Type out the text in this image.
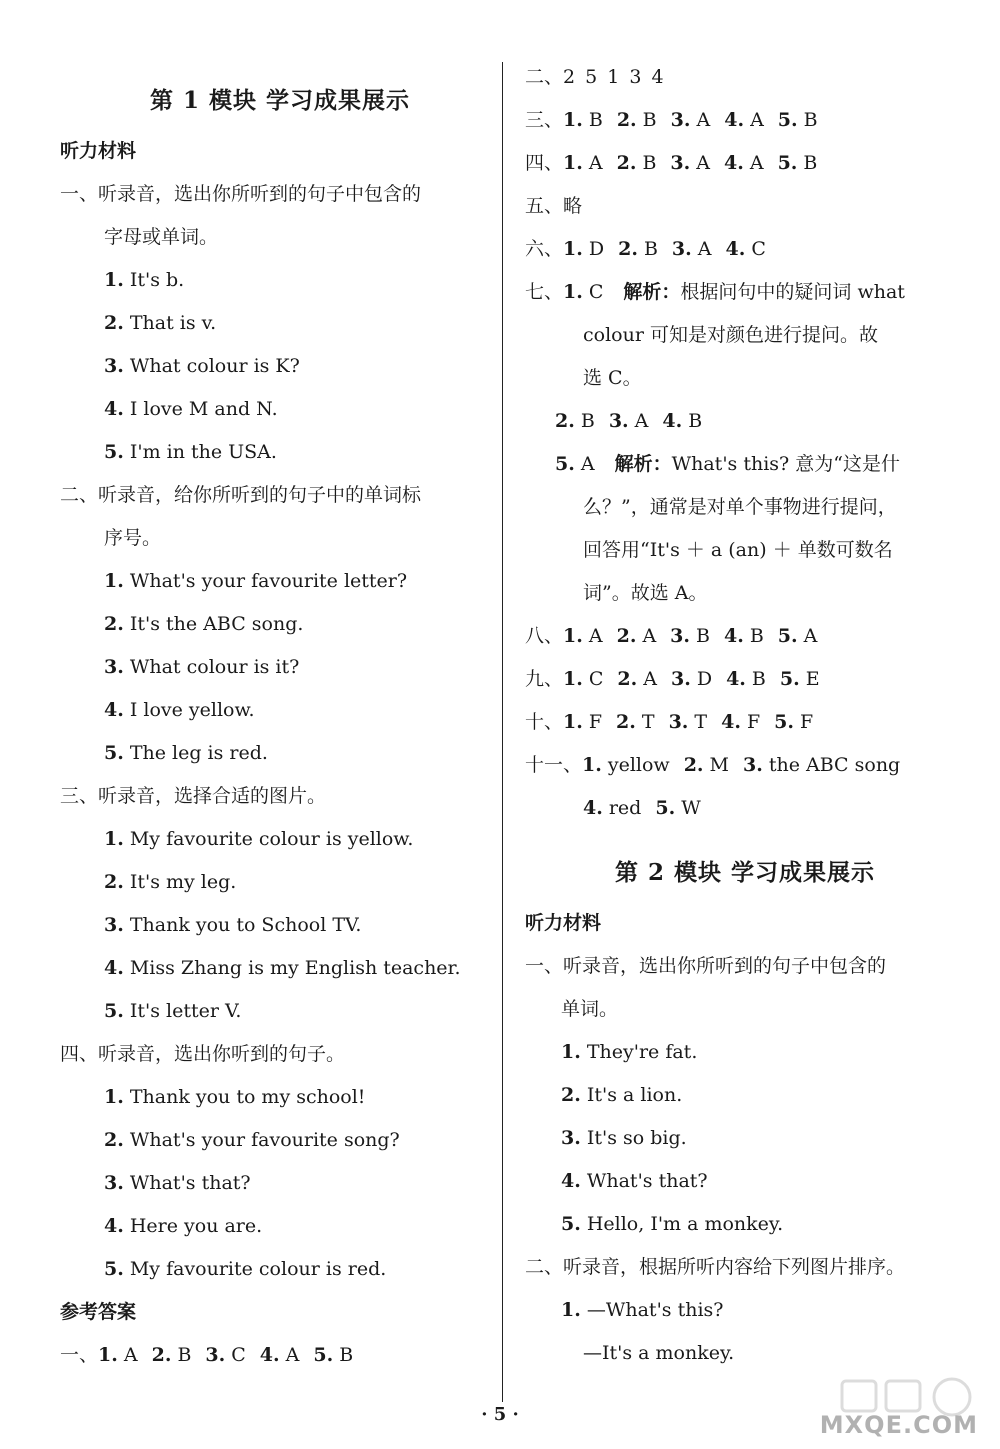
第 1 模块 学习成果展示
听力材料
一、听录音，选出你所听到的句子中包含的
字母或单词。
1. It's b.
2. That is v.
3. What colour is K?
4. I love M and N.
5. I'm in the USA.
二、听录音，给你所听到的句子中的单词标
序号。
1. What's your favourite letter?
2. It's the ABC song.
3. What colour is it?
4. I love yellow.
5. The leg is red.
三、听录音，选择合适的图片。
1. My favourite colour is yellow.
2. It's my leg.
3. Thank you to School TV.
4. Miss Zhang is my English teacher.
5. It's letter V.
四、听录音，选出你听到的句子。
1. Thank you to my school!
2. What's your favourite song?
3. What's that?
4. Here you are.
5. My favourite colour is red.
参考答案
一、1. A 2. B 3. C 4. A 5. B
二、2 5 1 3 4
三、1. B 2. B 3. A 4. A 5. B
四、1. A 2. B 3. A 4. A 5. B
五、略
六、1. D 2. B 3. A 4. C
七、1. C 解析：根据问句中的疑问词 what
colour 可知是对颜色进行提问。故
选 C。
2. B 3. A 4. B
5. A 解析：What's this? 意为“这是什
么？”，通常是对单个事物进行提问，
回答用“It's ＋ a (an) ＋ 单数可数名
词”。故选 A。
八、1. A 2. A 3. B 4. B 5. A
九、1. C 2. A 3. D 4. B 5. E
十、1. F 2. T 3. T 4. F 5. F
十一、1. yellow 2. M 3. the ABC song
4. red 5. W
第 2 模块 学习成果展示
听力材料
一、听录音，选出你所听到的句子中包含的
单词。
1. They're fat.
2. It's a lion.
3. It's so big.
4. What's that?
5. Hello, I'm a monkey.
二、听录音，根据所听内容给下列图片排序。
1. —What's this?
—It's a monkey.
· 5 ·	MXQE.COM
